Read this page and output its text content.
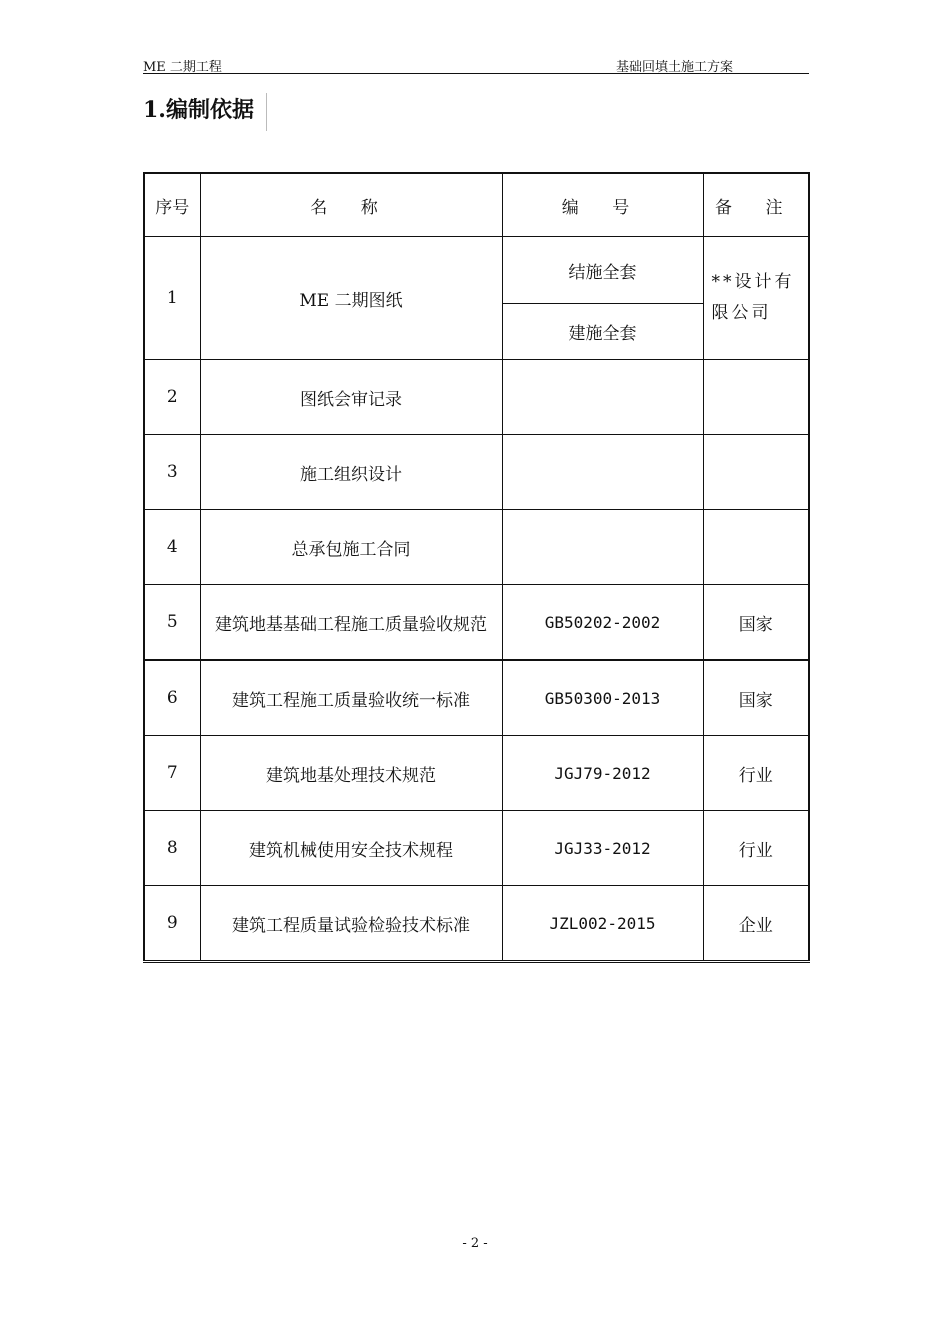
ME 二期工程	基础回填土施工方案
1.编制依据
序号	名 称	编 号	备 注
1	ME 二期图纸	结施全套	**设计有限公司
		建施全套	
2	图纸会审记录		
3	施工组织设计		
4	总承包施工合同		
5	建筑地基基础工程施工质量验收规范	GB50202-2002	国家
6	建筑工程施工质量验收统一标准	GB50300-2013	国家
7	建筑地基处理技术规范	JGJ79-2012	行业
8	建筑机械使用安全技术规程	JGJ33-2012	行业
9	建筑工程质量试验检验技术标准	JZL002-2015	企业
- 2 -
